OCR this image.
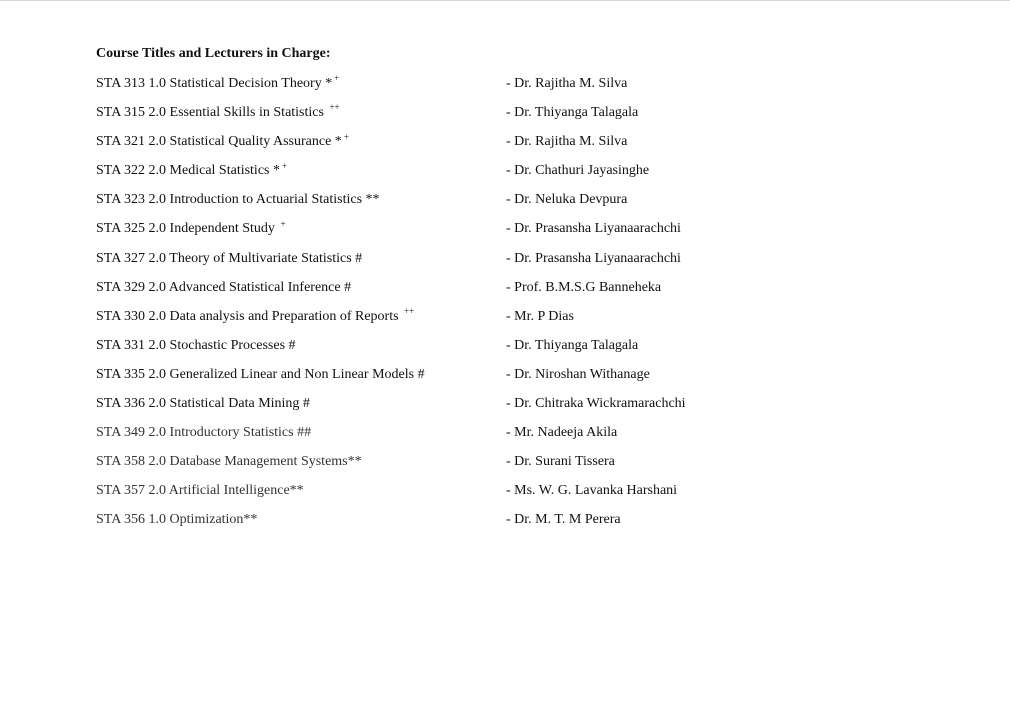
Course Titles and Lecturers in Charge:
STA 313 1.0 Statistical Decision Theory * +	- Dr. Rajitha M. Silva
STA 315 2.0 Essential Skills in Statistics ++	- Dr. Thiyanga Talagala
STA 321 2.0 Statistical Quality Assurance * +	- Dr. Rajitha M. Silva
STA 322 2.0 Medical Statistics * +	- Dr. Chathuri Jayasinghe
STA 323 2.0 Introduction to Actuarial Statistics **	- Dr. Neluka Devpura
STA 325 2.0 Independent Study +	- Dr. Prasansha Liyanaarachchi
STA 327 2.0 Theory of Multivariate Statistics #	- Dr. Prasansha Liyanaarachchi
STA 329 2.0 Advanced Statistical Inference #	- Prof. B.M.S.G Banneheka
STA 330 2.0 Data analysis and Preparation of Reports ++	- Mr. P Dias
STA 331 2.0 Stochastic Processes #	- Dr. Thiyanga Talagala
STA 335 2.0 Generalized Linear and Non Linear Models #	- Dr. Niroshan Withanage
STA 336 2.0 Statistical Data Mining #	- Dr. Chitraka Wickramarachchi
STA 349 2.0 Introductory Statistics ##	- Mr. Nadeeja Akila
STA 358 2.0 Database Management Systems**	- Dr. Surani Tissera
STA 357 2.0 Artificial Intelligence**	- Ms. W. G. Lavanka Harshani
STA 356 1.0 Optimization**	- Dr. M. T. M Perera
